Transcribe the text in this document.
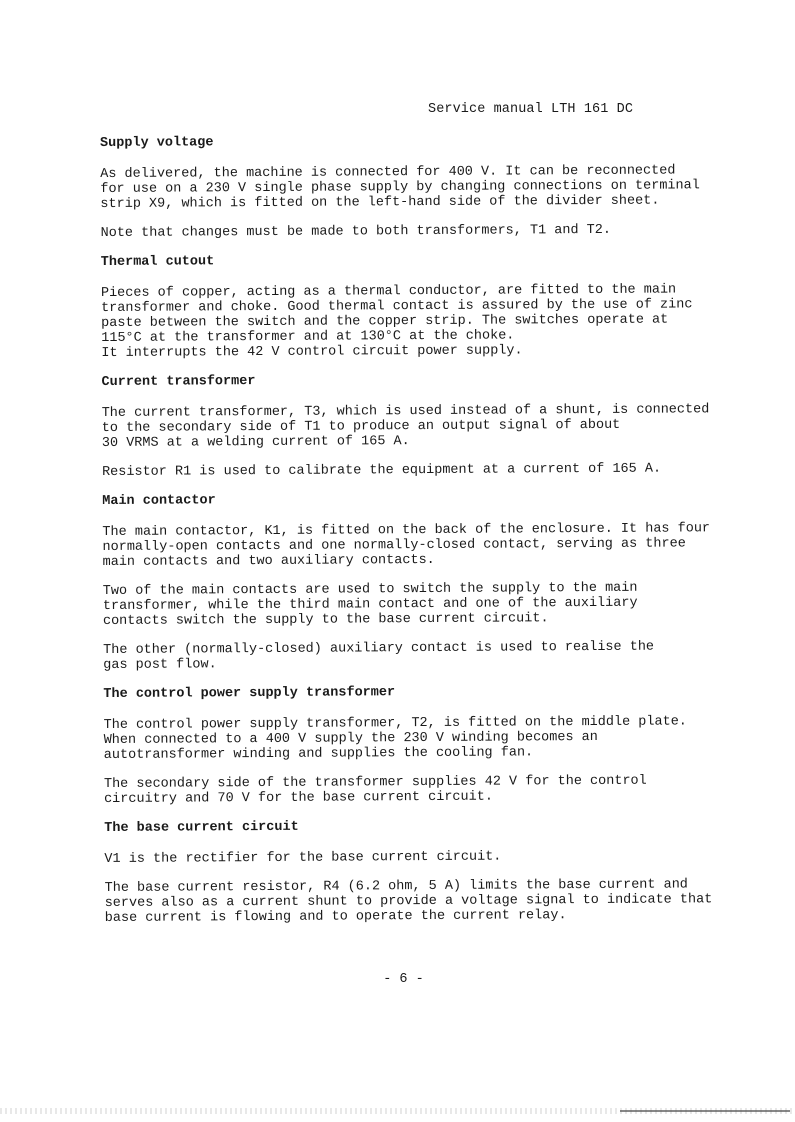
Service manual LTH 161 DC
Supply voltage
As delivered, the machine is connected for 400 V. It can be reconnected
for use on a 230 V single phase supply by changing connections on terminal
strip X9, which is fitted on the left-hand side of the divider sheet.
Note that changes must be made to both transformers, T1 and T2.
Thermal cutout
Pieces of copper, acting as a thermal conductor, are fitted to the main
transformer and choke. Good thermal contact is assured by the use of zinc
paste between the switch and the copper strip. The switches operate at
115°C at the transformer and at 130°C at the choke.
It interrupts the 42 V control circuit power supply.
Current transformer
The current transformer, T3, which is used instead of a shunt, is connected
to the secondary side of T1 to produce an output signal of about
30 VRMS at a welding current of 165 A.
Resistor R1 is used to calibrate the equipment at a current of 165 A.
Main contactor
The main contactor, K1, is fitted on the back of the enclosure. It has four
normally-open contacts and one normally-closed contact, serving as three
main contacts and two auxiliary contacts.
Two of the main contacts are used to switch the supply to the main
transformer, while the third main contact and one of the auxiliary
contacts switch the supply to the base current circuit.
The other (normally-closed) auxiliary contact is used to realise the
gas post flow.
The control power supply transformer
The control power supply transformer, T2, is fitted on the middle plate.
When connected to a 400 V supply the 230 V winding becomes an
autotransformer winding and supplies the cooling fan.
The secondary side of the transformer supplies 42 V for the control
circuitry and 70 V for the base current circuit.
The base current circuit
V1 is the rectifier for the base current circuit.
The base current resistor, R4 (6.2 ohm, 5 A) limits the base current and
serves also as a current shunt to provide a voltage signal to indicate that
base current is flowing and to operate the current relay.
- 6 -
